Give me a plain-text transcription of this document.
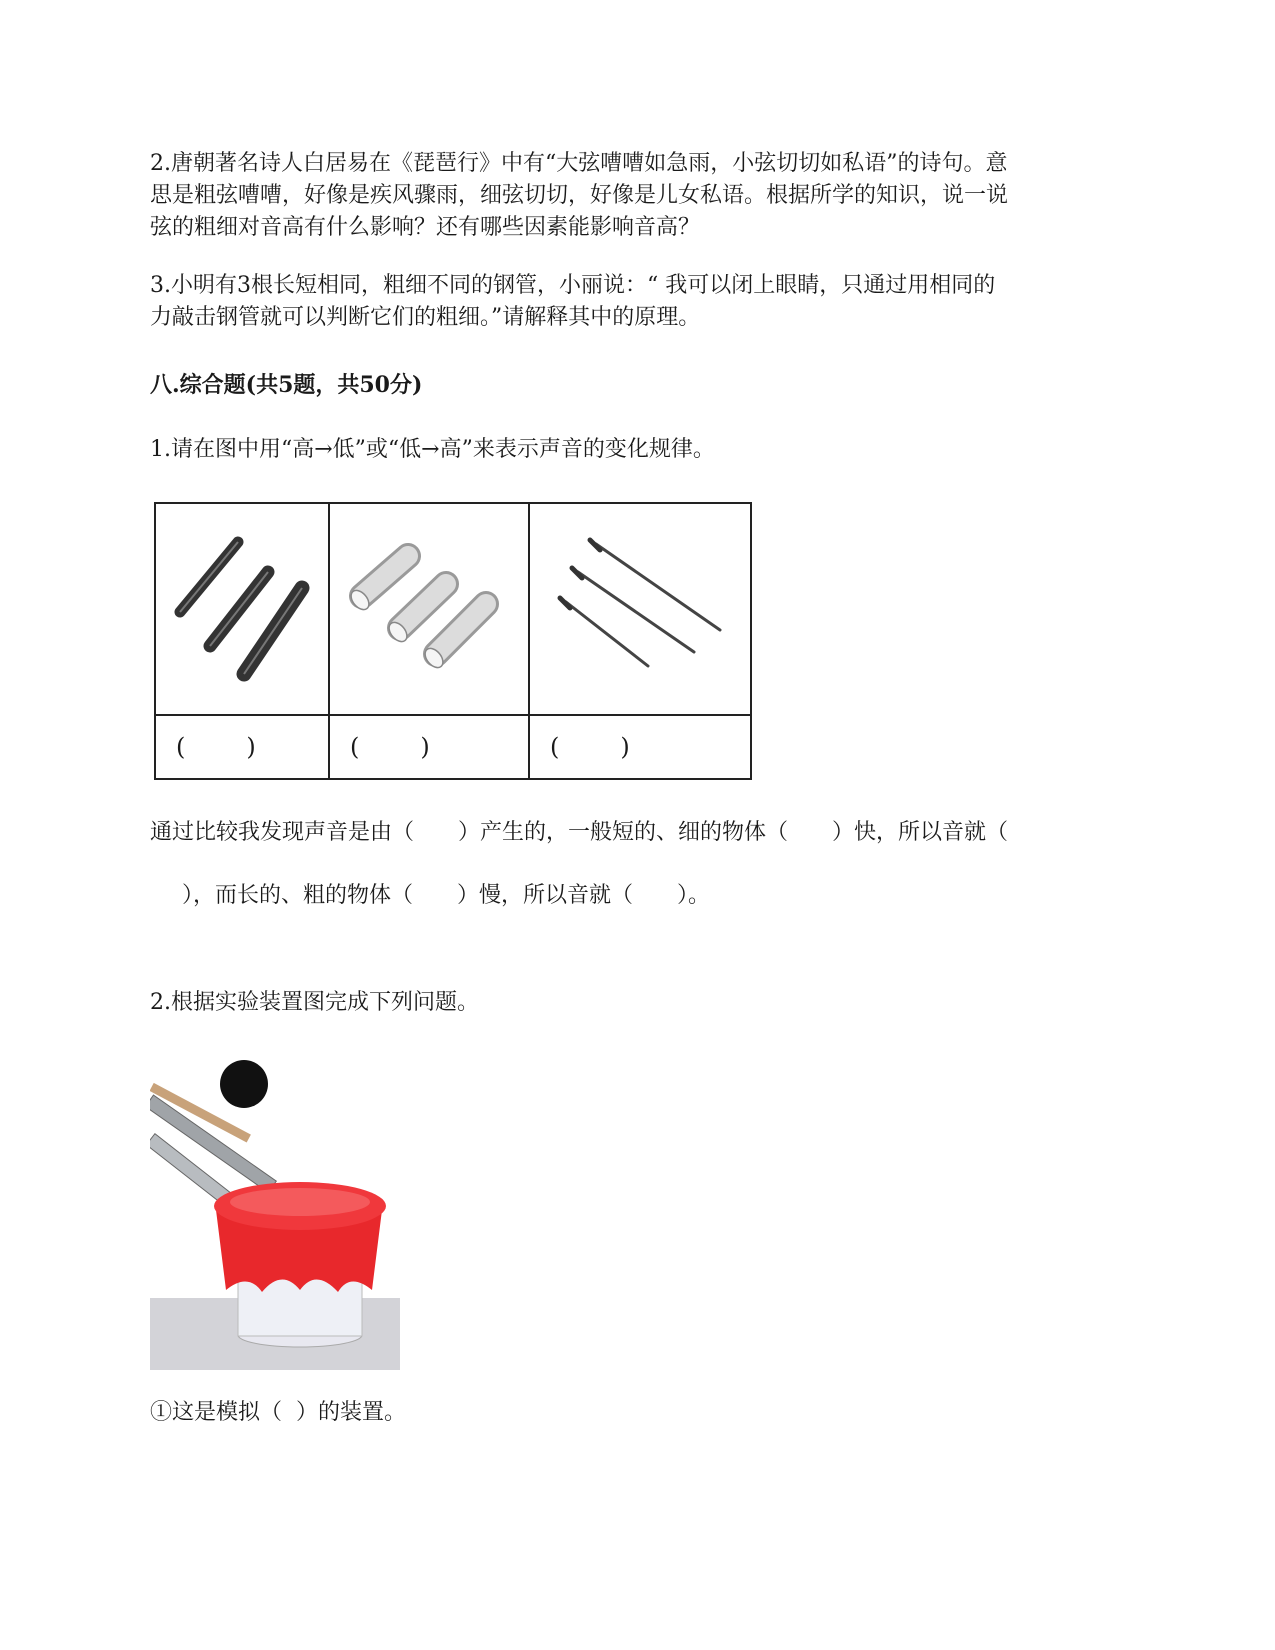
2.唐朝著名诗人白居易在《琵琶行》中有“大弦嘈嘈如急雨，小弦切切如私语”的诗句。意
思是粗弦嘈嘈，好像是疾风骤雨，细弦切切，好像是儿女私语。根据所学的知识，说一说
弦的粗细对音高有什么影响？还有哪些因素能影响音高？

3.小明有3根长短相同，粗细不同的钢管，小丽说：“ 我可以闭上眼睛，只通过用相同的
力敲击钢管就可以判断它们的粗细。”请解释其中的原理。

八.综合题(共5题，共50分)

1.请在图中用“高→低”或“低→高”来表示声音的变化规律。

(        )	(        )	(        )

通过比较我发现声音是由（　　）产生的，一般短的、细的物体（　　）快，所以音就（

　），而长的、粗的物体（　　）慢，所以音就（　　）。

2.根据实验装置图完成下列问题。

①这是模拟（  ）的装置。
